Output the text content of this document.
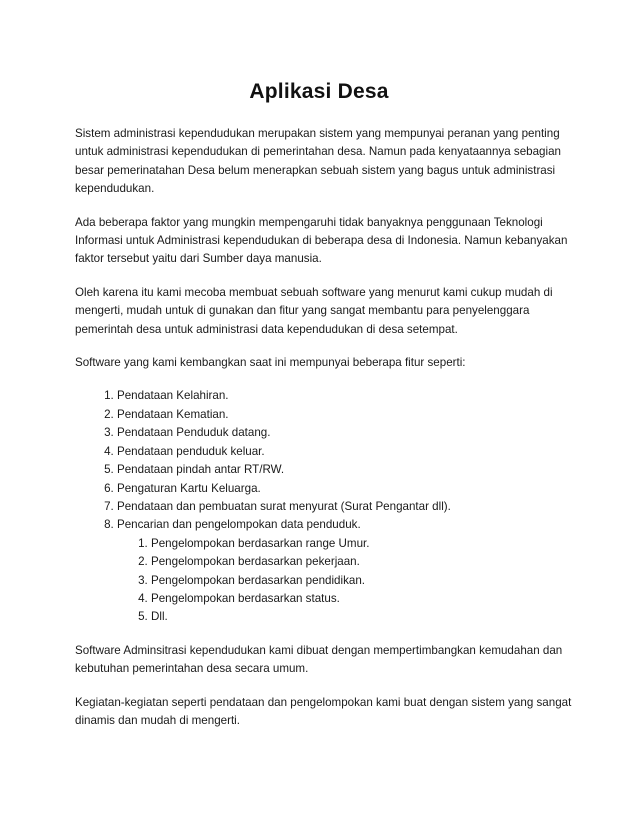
Aplikasi Desa

Sistem administrasi kependudukan merupakan sistem yang mempunyai peranan yang penting untuk administrasi kependudukan di pemerintahan desa. Namun pada kenyataannya sebagian besar pemerinatahan Desa belum menerapkan sebuah sistem yang bagus untuk administrasi kependudukan.

Ada beberapa faktor yang mungkin mempengaruhi tidak banyaknya penggunaan Teknologi Informasi untuk Administrasi kependudukan di beberapa desa di Indonesia. Namun kebanyakan faktor tersebut yaitu dari Sumber daya manusia.

Oleh karena itu kami mecoba membuat sebuah software yang menurut kami cukup mudah di mengerti, mudah untuk di gunakan dan fitur yang sangat membantu para penyelenggara pemerintah desa untuk administrasi data kependudukan di desa setempat.

Software yang kami kembangkan saat ini mempunyai beberapa fitur seperti:

1. Pendataan Kelahiran.
2. Pendataan Kematian.
3. Pendataan Penduduk datang.
4. Pendataan penduduk keluar.
5. Pendataan pindah antar RT/RW.
6. Pengaturan Kartu Keluarga.
7. Pendataan dan pembuatan surat menyurat (Surat Pengantar dll).
8. Pencarian dan pengelompokan data penduduk.
1. Pengelompokan berdasarkan range Umur.
2. Pengelompokan berdasarkan pekerjaan.
3. Pengelompokan berdasarkan pendidikan.
4. Pengelompokan berdasarkan status.
5. Dll.

Software Adminsitrasi kependudukan kami dibuat dengan mempertimbangkan kemudahan dan kebutuhan pemerintahan desa secara umum.

Kegiatan-kegiatan seperti pendataan dan pengelompokan kami buat dengan sistem yang sangat dinamis dan mudah di mengerti.
